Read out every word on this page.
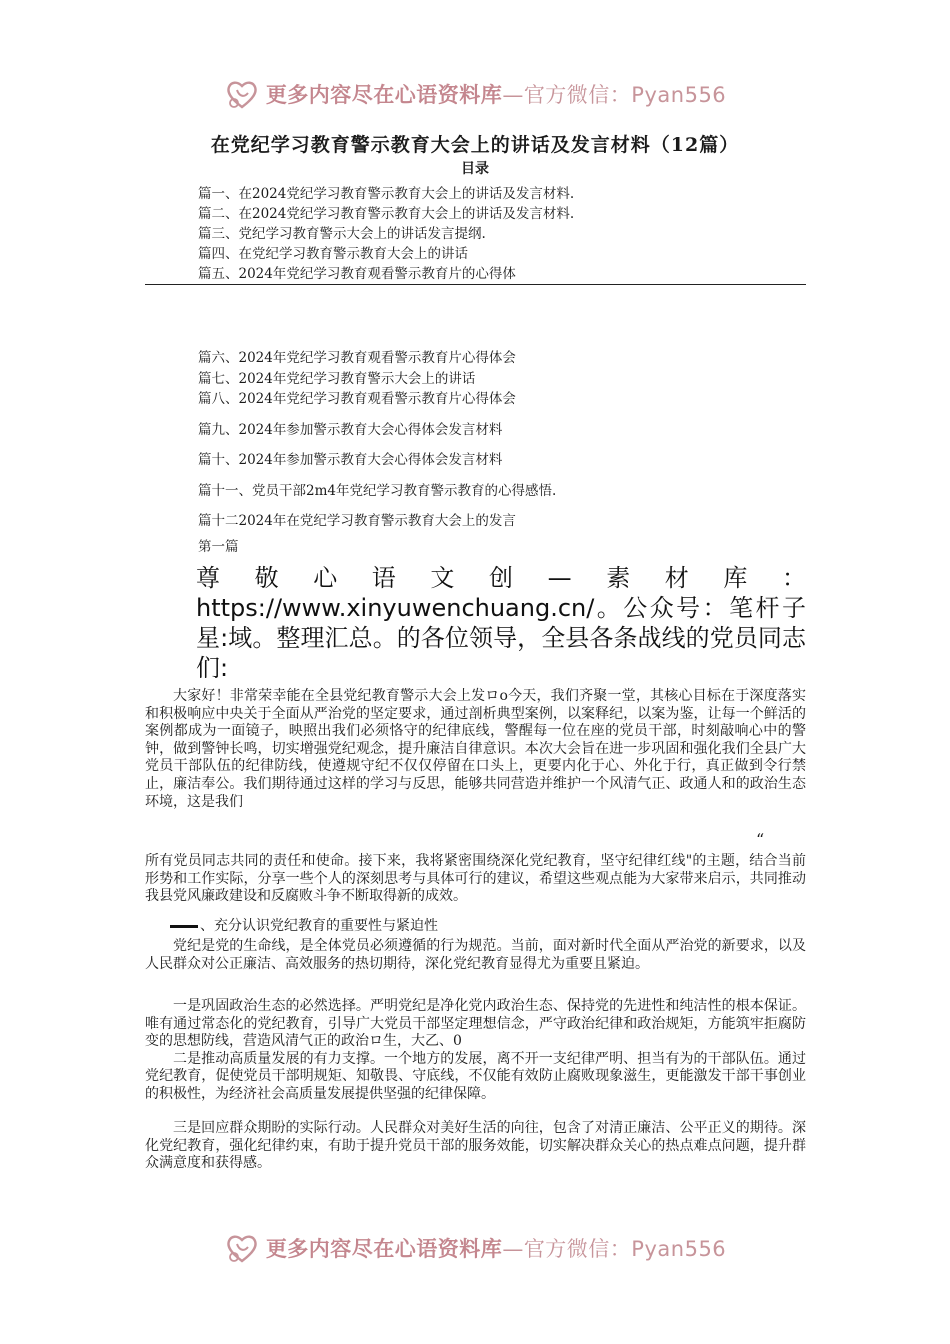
更多内容尽在心语资料库—官方微信：Pyan556
在党纪学习教育警示教育大会上的讲话及发言材料（12篇）
目录
篇一、在2024党纪学习教育警示教育大会上的讲话及发言材料.
篇二、在2024党纪学习教育警示教育大会上的讲话及发言材料.
篇三、党纪学习教育警示大会上的讲话发言提纲.
篇四、在党纪学习教育警示教育大会上的讲话
篇五、2024年党纪学习教育观看警示教育片的心得体
篇六、2024年党纪学习教育观看警示教育片心得体会
篇七、2024年党纪学习教育警示大会上的讲话
篇八、2024年党纪学习教育观看警示教育片心得体会
篇九、2024年参加警示教育大会心得体会发言材料
篇十、2024年参加警示教育大会心得体会发言材料
篇十一、党员干部2m4年党纪学习教育警示教育的心得感悟.
篇十二2024年在党纪学习教育警示教育大会上的发言
第一篇
尊敬心语文创—素材库：https://www.xinyuwenchuang.cn/。公众号：笔杆子星:域。整理汇总。的各位领导，全县各条战线的党员同志们:
大家好！非常荣幸能在全县党纪教育警示大会上发ロo今天，我们齐聚一堂，其核心目标在于深度落实和积极响应中央关于全面从严治党的坚定要求，通过剖析典型案例，以案释纪，以案为鉴，让每一个鲜活的案例都成为一面镜子，映照出我们必须恪守的纪律底线，警醒每一位在座的党员干部，时刻敲响心中的警钟，做到警钟长鸣，切实增强党纪观念，提升廉洁自律意识。本次大会旨在进一步巩固和强化我们全县广大党员干部队伍的纪律防线，使遵规守纪不仅仅停留在口头上，更要内化于心、外化于行，真正做到令行禁止，廉洁奉公。我们期待通过这样的学习与反思，能够共同营造并维护一个风清气正、政通人和的政治生态环境，这是我们
“
所有党员同志共同的责任和使命。接下来，我将紧密围绕深化党纪教育，坚守纪律红线"的主题，结合当前形势和工作实际，分享一些个人的深刻思考与具体可行的建议，希望这些观点能为大家带来启示，共同推动我县党风廉政建设和反腐败斗争不断取得新的成效。
、充分认识党纪教育的重要性与紧迫性
党纪是党的生命线，是全体党员必须遵循的行为规范。当前，面对新时代全面从严治党的新要求，以及人民群众对公正廉洁、高效服务的热切期待，深化党纪教育显得尤为重要且紧迫。
一是巩固政治生态的必然选择。严明党纪是净化党内政治生态、保持党的先进性和纯洁性的根本保证。唯有通过常态化的党纪教育，引导广大党员干部坚定理想信念，严守政治纪律和政治规矩，方能筑牢拒腐防变的思想防线，营造风清气正的政治ロ生，大乙、0
二是推动高质量发展的有力支撑。一个地方的发展，离不开一支纪律严明、担当有为的干部队伍。通过党纪教育，促使党员干部明规矩、知敬畏、守底线，不仅能有效防止腐败现象滋生，更能激发干部干事创业的积极性，为经济社会高质量发展提供坚强的纪律保障。
三是回应群众期盼的实际行动。人民群众对美好生活的向往，包含了对清正廉洁、公平正义的期待。深化党纪教育，强化纪律约束，有助于提升党员干部的服务效能，切实解决群众关心的热点难点问题，提升群众满意度和获得感。
更多内容尽在心语资料库—官方微信：Pyan556
